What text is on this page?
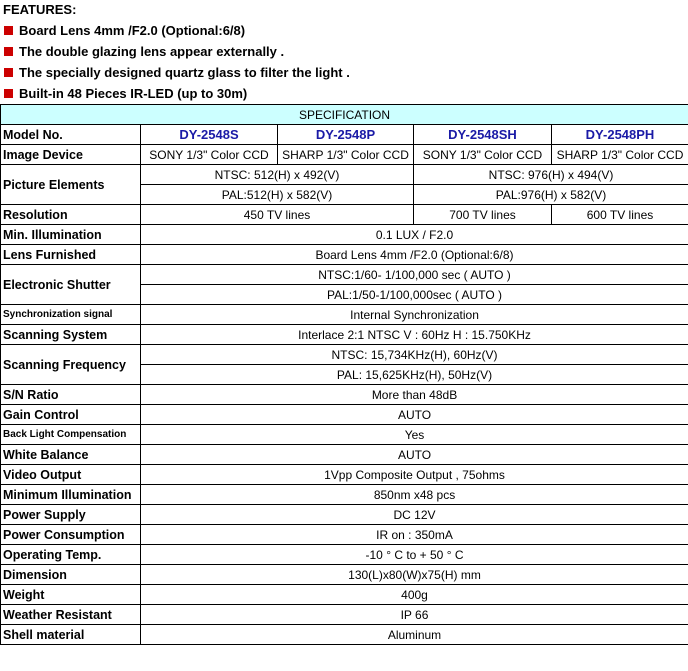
FEATURES:
Board Lens 4mm /F2.0 (Optional:6/8)
The double glazing lens appear externally .
The specially designed quartz glass to filter the light .
Built-in 48 Pieces IR-LED (up to 30m)
SPECIFICATION				
Model No.	DY-2548S	DY-2548P	DY-2548SH	DY-2548PH
Image Device	SONY 1/3" Color CCD	SHARP 1/3" Color CCD	SONY 1/3" Color CCD	SHARP 1/3" Color CCD
Picture Elements	NTSC: 512(H) x 492(V)		NTSC: 976(H) x 494(V)	
	PAL:512(H) x 582(V)		PAL:976(H) x 582(V)	
Resolution	450 TV lines		700 TV lines	600 TV lines
Min. Illumination	0.1 LUX / F2.0			
Lens Furnished	Board Lens 4mm /F2.0 (Optional:6/8)			
Electronic Shutter	NTSC:1/60- 1/100,000 sec ( AUTO )			
	PAL:1/50-1/100,000sec ( AUTO )			
Synchronization signal	Internal Synchronization			
Scanning System	Interlace 2:1 NTSC V : 60Hz H : 15.750KHz			
Scanning Frequency	NTSC: 15,734KHz(H), 60Hz(V)			
	PAL: 15,625KHz(H), 50Hz(V)			
S/N Ratio	More than 48dB			
Gain Control	AUTO			
Back Light Compensation	Yes			
White Balance	AUTO			
Video Output	1Vpp Composite Output , 75ohms			
Minimum Illumination	850nm x48 pcs			
Power Supply	DC 12V			
Power Consumption	IR on : 350mA			
Operating Temp.	-10 ° C to + 50 ° C			
Dimension	130(L)x80(W)x75(H) mm			
Weight	400g			
Weather Resistant	IP 66			
Shell material	Aluminum			
